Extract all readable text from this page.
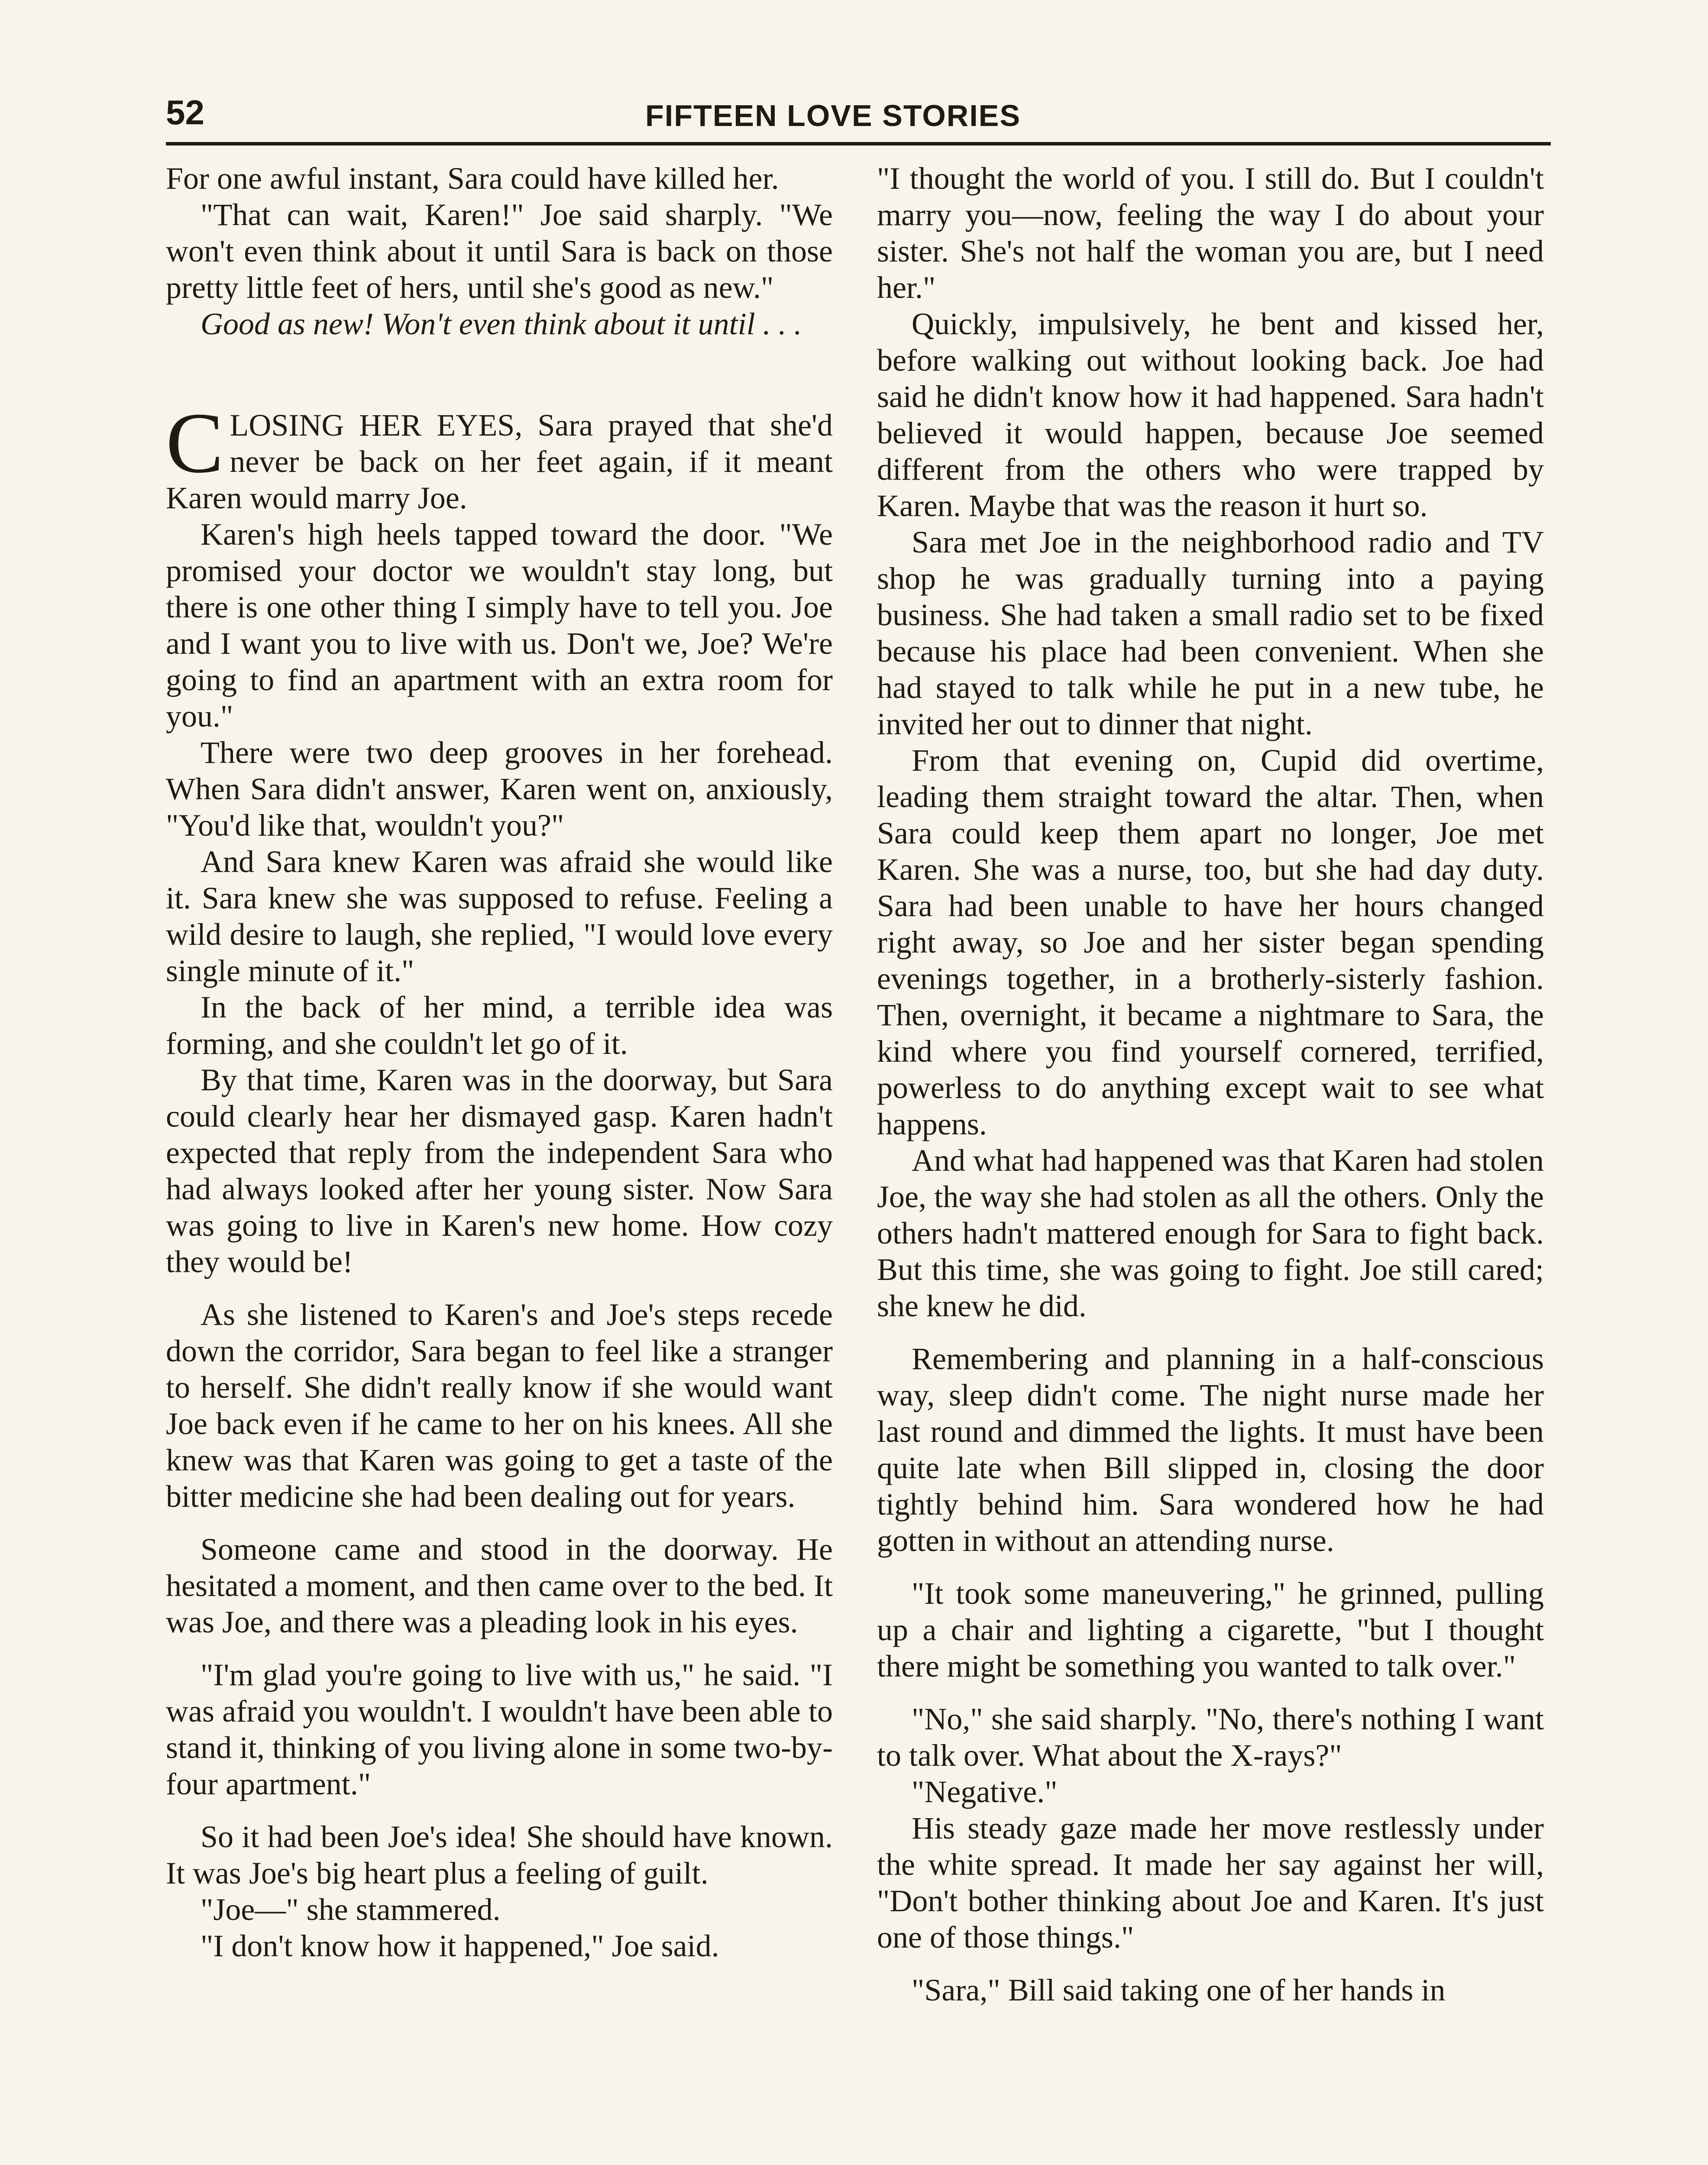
52	FIFTEEN LOVE STORIES

For one awful instant, Sara could have killed her.

"That can wait, Karen!" Joe said sharply. "We won't even think about it until Sara is back on those pretty little feet of hers, until she's good as new."

Good as new! Won't even think about it until . . .

CLOSING HER EYES, Sara prayed that she'd never be back on her feet again, if it meant Karen would marry Joe.

Karen's high heels tapped toward the door. "We promised your doctor we wouldn't stay long, but there is one other thing I simply have to tell you. Joe and I want you to live with us. Don't we, Joe? We're going to find an apartment with an extra room for you."

There were two deep grooves in her forehead. When Sara didn't answer, Karen went on, anxiously, "You'd like that, wouldn't you?"

And Sara knew Karen was afraid she would like it. Sara knew she was supposed to refuse. Feeling a wild desire to laugh, she replied, "I would love every single minute of it."

In the back of her mind, a terrible idea was forming, and she couldn't let go of it.

By that time, Karen was in the doorway, but Sara could clearly hear her dismayed gasp. Karen hadn't expected that reply from the independent Sara who had always looked after her young sister. Now Sara was going to live in Karen's new home. How cozy they would be!

As she listened to Karen's and Joe's steps recede down the corridor, Sara began to feel like a stranger to herself. She didn't really know if she would want Joe back even if he came to her on his knees. All she knew was that Karen was going to get a taste of the bitter medicine she had been dealing out for years.

Someone came and stood in the doorway. He hesitated a moment, and then came over to the bed. It was Joe, and there was a pleading look in his eyes.

"I'm glad you're going to live with us," he said. "I was afraid you wouldn't. I wouldn't have been able to stand it, thinking of you living alone in some two-by-four apartment."

So it had been Joe's idea! She should have known. It was Joe's big heart plus a feeling of guilt.

"Joe—" she stammered.

"I don't know how it happened," Joe said.

"I thought the world of you. I still do. But I couldn't marry you—now, feeling the way I do about your sister. She's not half the woman you are, but I need her."

Quickly, impulsively, he bent and kissed her, before walking out without looking back. Joe had said he didn't know how it had happened. Sara hadn't believed it would happen, because Joe seemed different from the others who were trapped by Karen. Maybe that was the reason it hurt so.

Sara met Joe in the neighborhood radio and TV shop he was gradually turning into a paying business. She had taken a small radio set to be fixed because his place had been convenient. When she had stayed to talk while he put in a new tube, he invited her out to dinner that night.

From that evening on, Cupid did overtime, leading them straight toward the altar. Then, when Sara could keep them apart no longer, Joe met Karen. She was a nurse, too, but she had day duty. Sara had been unable to have her hours changed right away, so Joe and her sister began spending evenings together, in a brotherly-sisterly fashion. Then, overnight, it became a nightmare to Sara, the kind where you find yourself cornered, terrified, powerless to do anything except wait to see what happens.

And what had happened was that Karen had stolen Joe, the way she had stolen as all the others. Only the others hadn't mattered enough for Sara to fight back. But this time, she was going to fight. Joe still cared; she knew he did.

Remembering and planning in a half-conscious way, sleep didn't come. The night nurse made her last round and dimmed the lights. It must have been quite late when Bill slipped in, closing the door tightly behind him. Sara wondered how he had gotten in without an attending nurse.

"It took some maneuvering," he grinned, pulling up a chair and lighting a cigarette, "but I thought there might be something you wanted to talk over."

"No," she said sharply. "No, there's nothing I want to talk over. What about the X-rays?"

"Negative."

His steady gaze made her move restlessly under the white spread. It made her say against her will, "Don't bother thinking about Joe and Karen. It's just one of those things."

"Sara," Bill said taking one of her hands in
